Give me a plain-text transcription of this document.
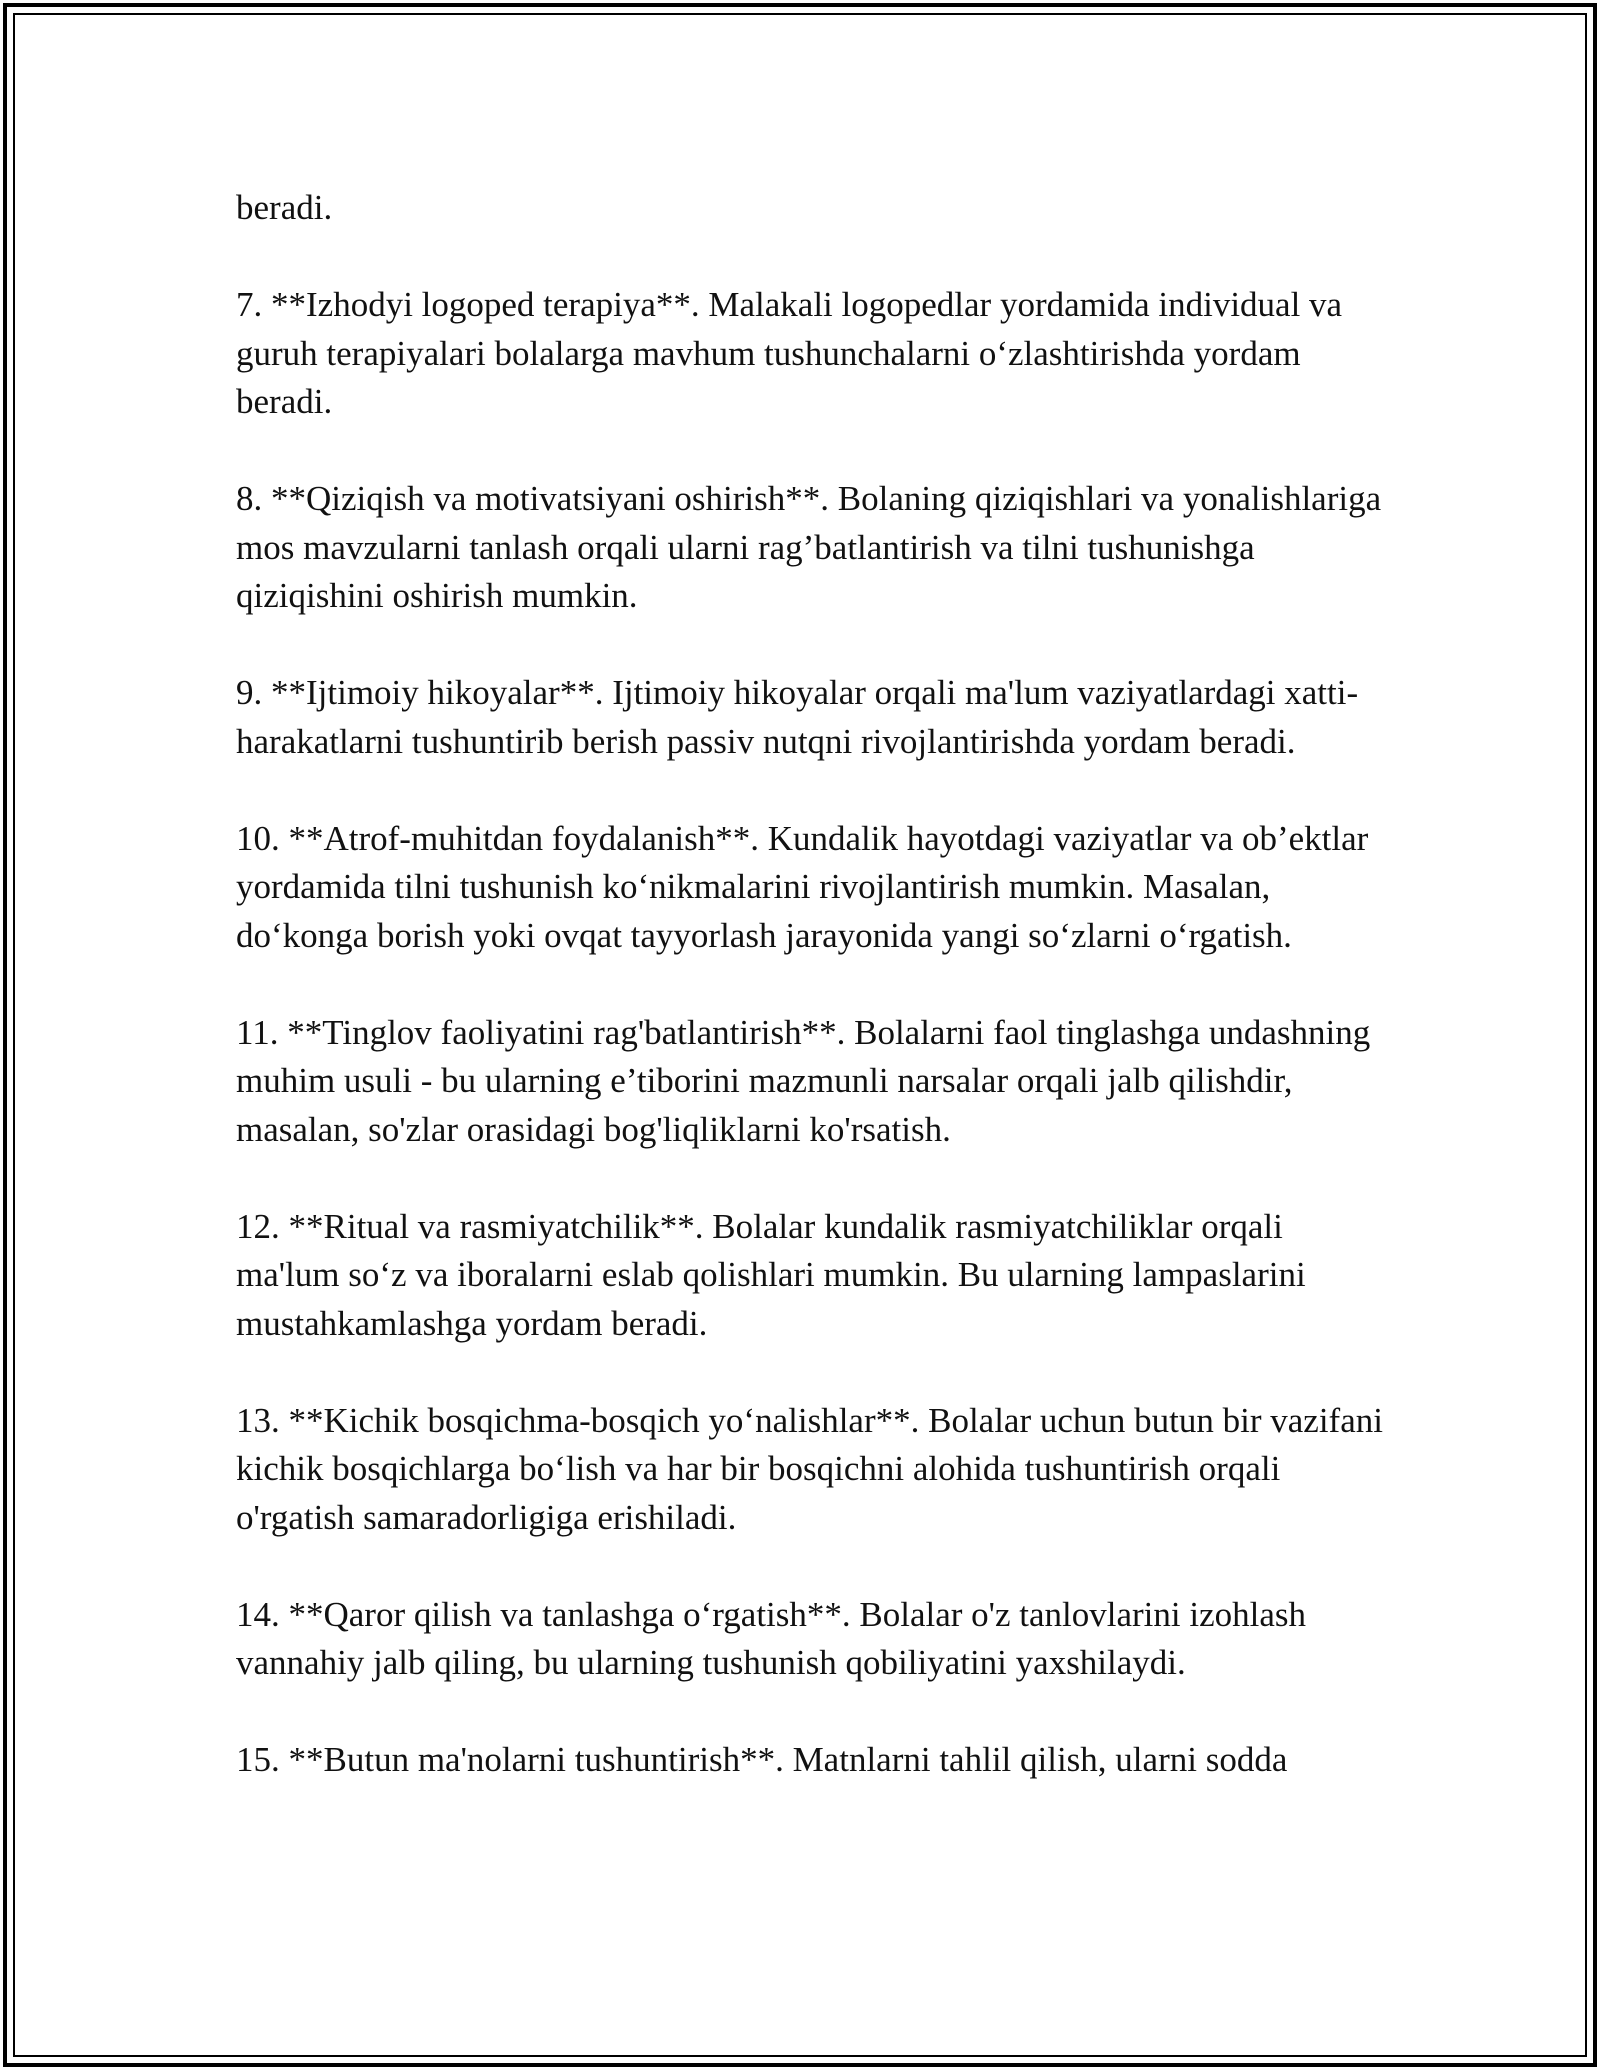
beradi.

7. **Izhodyi logoped terapiya**. Malakali logopedlar yordamida individual va guruh terapiyalari bolalarga mavhum tushunchalarni o‘zlashtirishda yordam beradi.

8. **Qiziqish va motivatsiyani oshirish**. Bolaning qiziqishlari va yonalishlariga mos mavzularni tanlash orqali ularni rag’batlantirish va tilni tushunishga qiziqishini oshirish mumkin.

9. **Ijtimoiy hikoyalar**. Ijtimoiy hikoyalar orqali ma'lum vaziyatlardagi xatti-harakatlarni tushuntirib berish passiv nutqni rivojlantirishda yordam beradi.

10. **Atrof-muhitdan foydalanish**. Kundalik hayotdagi vaziyatlar va ob’ektlar yordamida tilni tushunish ko‘nikmalarini rivojlantirish mumkin. Masalan, do‘konga borish yoki ovqat tayyorlash jarayonida yangi so‘zlarni o‘rgatish.

11. **Tinglov faoliyatini rag'batlantirish**. Bolalarni faol tinglashga undashning muhim usuli - bu ularning e’tiborini mazmunli narsalar orqali jalb qilishdir, masalan, so'zlar orasidagi bog'liqliklarni ko'rsatish.

12. **Ritual va rasmiyatchilik**. Bolalar kundalik rasmiyatchiliklar orqali ma'lum so‘z va iboralarni eslab qolishlari mumkin. Bu ularning lampaslarini mustahkamlashga yordam beradi.

13. **Kichik bosqichma-bosqich yo‘nalishlar**. Bolalar uchun butun bir vazifani kichik bosqichlarga bo‘lish va har bir bosqichni alohida tushuntirish orqali o'rgatish samaradorligiga erishiladi.

14. **Qaror qilish va tanlashga o‘rgatish**. Bolalar o'z tanlovlarini izohlash vannahiy jalb qiling, bu ularning tushunish qobiliyatini yaxshilaydi.

15. **Butun ma'nolarni tushuntirish**. Matnlarni tahlil qilish, ularni sodda
